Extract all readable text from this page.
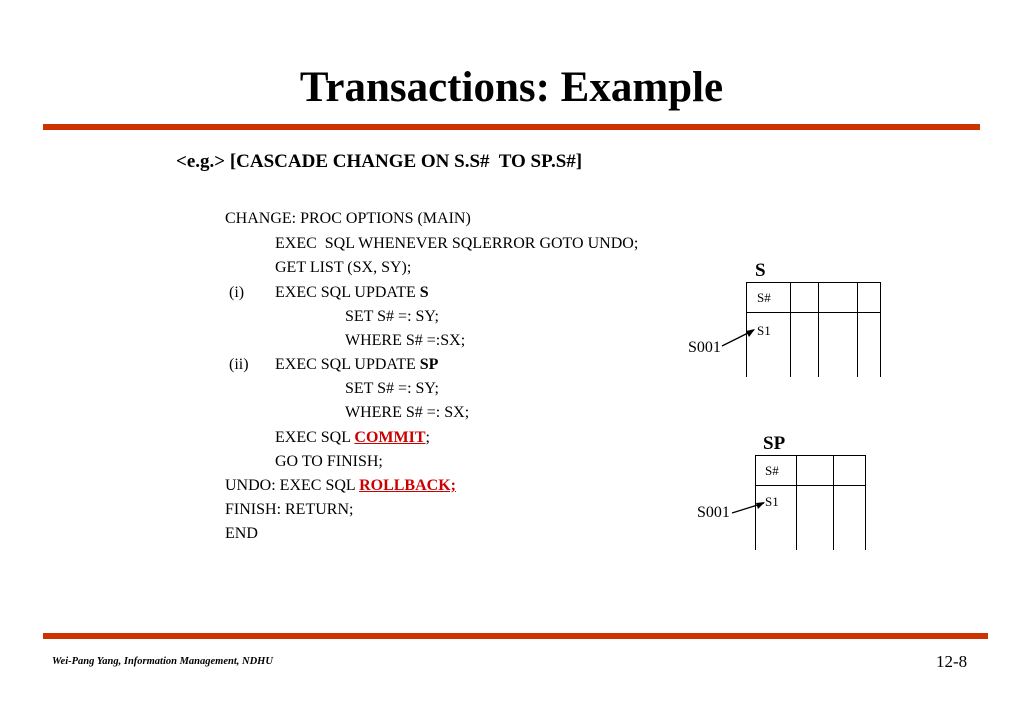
Transactions: Example
<e.g.> [CASCADE CHANGE ON S.S#  TO SP.S#]
CHANGE: PROC OPTIONS (MAIN)
EXEC  SQL WHENEVER SQLERROR GOTO UNDO;
GET LIST (SX, SY);
(i) EXEC SQL UPDATE S
SET S# =: SY;
WHERE S# =:SX;
(ii) EXEC SQL UPDATE SP
SET S# =: SY;
WHERE S# =: SX;
EXEC SQL COMMIT;
GO TO FINISH;
UNDO: EXEC SQL ROLLBACK;
FINISH: RETURN;
END
S
S#
S1
S001
SP
S#
S1
S001
Wei-Pang Yang, Information Management, NDHU	12-8
